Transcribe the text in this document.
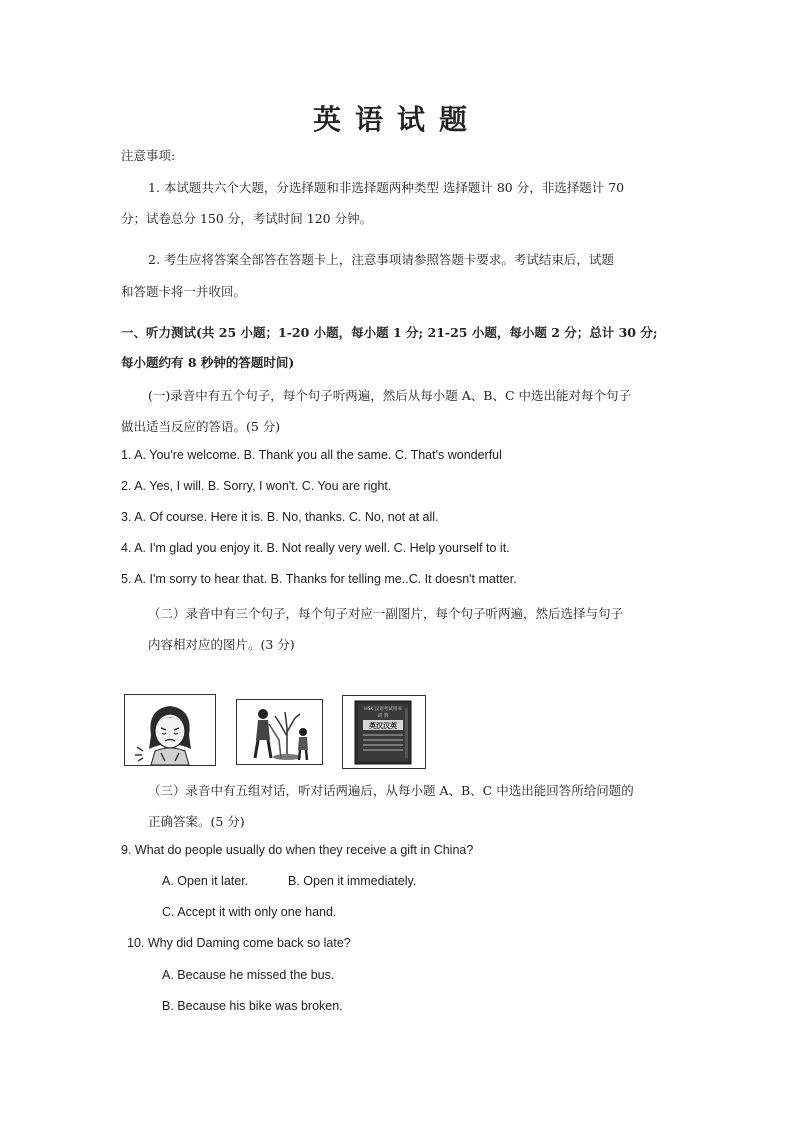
英语试题
注意事项:
1. 本试题共六个大题，分选择题和非选择题两种类型 选择题计 80 分，非选择题计 70
分；试卷总分 150 分，考试时间 120 分钟。
2. 考生应将答案全部答在答题卡上，注意事项请参照答题卡要求。考试结束后，试题
和答题卡将一并收回。
一、听力测试(共 25 小题；1-20 小题，每小题 1 分; 21-25 小题，每小题 2 分；总计 30 分;
每小题约有 8 秒钟的答题时间)
(一)录音中有五个句子，每个句子听两遍，然后从每小题 A、B、C 中选出能对每个句子
做出适当反应的答语。(5 分)
1. A. You're welcome. B. Thank you all the same. C. That's wonderful
2. A. Yes, I will. B. Sorry, I won't. C. You are right.
3. A. Of course. Here it is. B. No, thanks. C. No, not at all.
4. A. I'm glad you enjoy it. B. Not really very well. C. Help yourself to it.
5. A. I'm sorry to hear that. B. Thanks for telling me..C. It doesn't matter.
（二）录音中有三个句子，每个句子对应一副图片，每个句子听两遍，然后选择与句子
内容相对应的图片。(3 分)
HSK 汉语考试用书
英汉汉英
词 典
（三）录音中有五组对话，听对话两遍后，从每小题 A、B、C 中选出能回答所给问题的
正确答案。(5 分)
9. What do people usually do when they receive a gift in China?
A. Open it later.	B. Open it immediately.
C. Accept it with only one hand.
10. Why did Daming come back so late?
A. Because he missed the bus.
B. Because his bike was broken.
